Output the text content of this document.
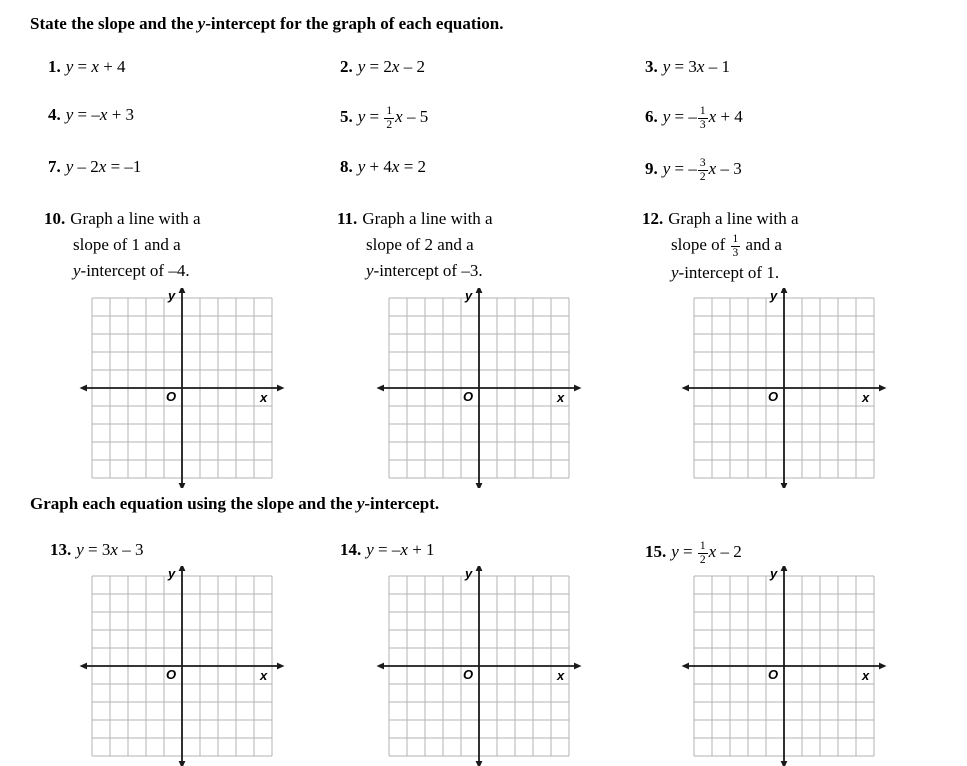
State the slope and the y-intercept for the graph of each equation.
1. y = x + 4	2. y = 2x – 2	3. y = 3x – 1
4. y = –x + 3	5. $y = \frac{1}{2}$ x – 5	6. y = – $\frac{1}{3}$ x + 4
7. y – 2x = –1	8. y + 4x = 2	9. y = – $\frac{3}{2}$ x – 3
10. Graph a line with a
slope of 1 and a
y-intercept of –4.
11. Graph a line with a
slope of 2 and a
y-intercept of –3.
12. Graph a line with a
slope of $\frac{1}{3}$ and a
y-intercept of 1.
y
x
O
y
x
O
y
x
O
Graph each equation using the slope and the y-intercept.
13. y = 3x – 3	14. y = –x + 1	15. $y = \frac{1}{2}$ x – 2
y
x
O
y
x
O
y
x
O
